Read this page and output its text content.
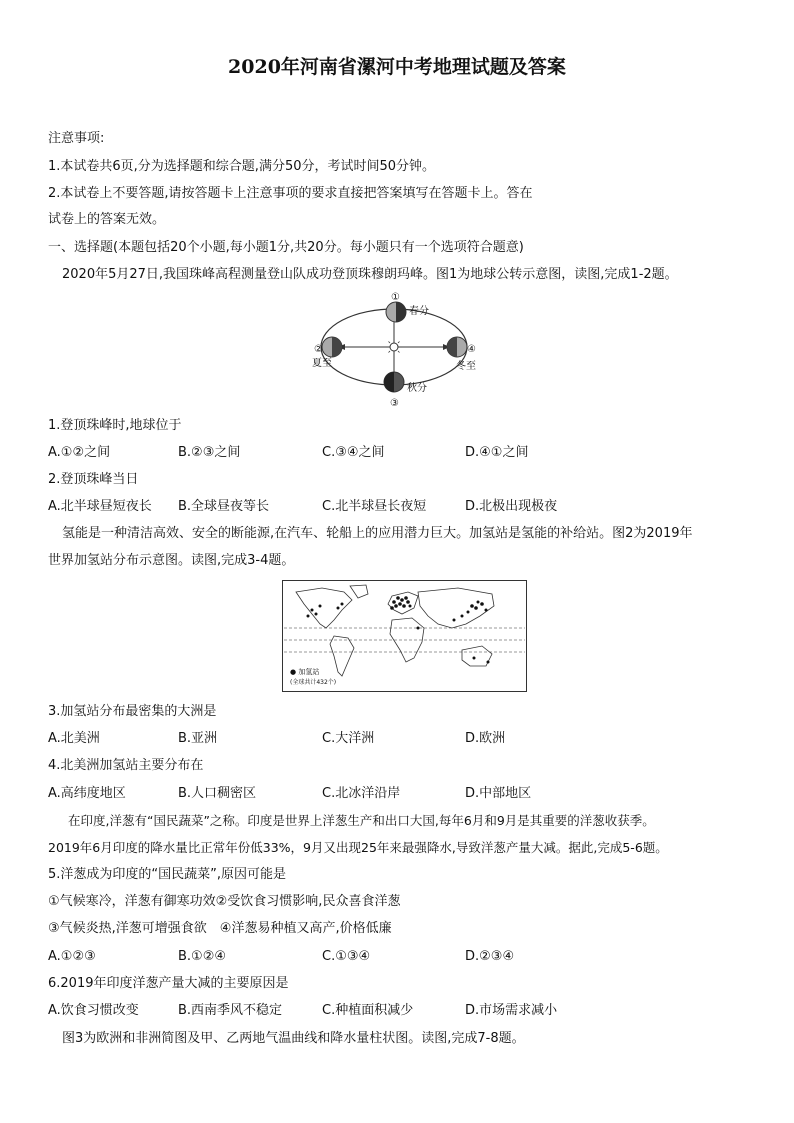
2020年河南省漯河中考地理试题及答案
注意事项:
1.本试卷共6页,分为选择题和综合题,满分50分，考试时间50分钟。
2.本试卷上不要答题,请按答题卡上注意事项的要求直接把答案填写在答题卡上。答在
试卷上的答案无效。
一、选择题(本题包括20个小题,每小题1分,共20分。每小题只有一个选项符合题意)
2020年5月27日,我国珠峰高程测量登山队成功登顶珠穆朗玛峰。图1为地球公转示意图，读图,完成1-2题。
春分
夏至
秋分
冬至
①
②
③
④
1.登顶珠峰时,地球位于
A.①②之间	B.②③之间	C.③④之间	D.④①之间
2.登顶珠峰当日
A.北半球昼短夜长 B.全球昼夜等长	C.北半球昼长夜短	D.北极出现极夜
氢能是一种清洁高效、安全的断能源,在汽车、轮船上的应用潜力巨大。加氢站是氢能的补给站。图2为2019年
世界加氢站分布示意图。读图,完成3-4题。
● 加氢站
(全球共计432个)
3.加氢站分布最密集的大洲是
A.北美洲	B.亚洲	C.大洋洲	D.欧洲
4.北美洲加氢站主要分布在
A.高纬度地区	B.人口稠密区	C.北冰洋沿岸	D.中部地区
在印度,洋葱有“国民蔬菜”之称。印度是世界上洋葱生产和出口大国,每年6月和9月是其重要的洋葱收获季。
2019年6月印度的降水量比正常年份低33%，9月又出现25年来最强降水,导致洋葱产量大减。据此,完成5-6题。
5.洋葱成为印度的“国民蔬菜”,原因可能是
①气候寒冷，洋葱有御寒功效②受饮食习惯影响,民众喜食洋葱
③气候炎热,洋葱可增强食欲　④洋葱易种植又高产,价格低廉
A.①②③	B.①②④	C.①③④	D.②③④
6.2019年印度洋葱产量大减的主要原因是
A.饮食习惯改变	B.西南季风不稳定	C.种植面积减少	D.市场需求减小
图3为欧洲和非洲简图及甲、乙两地气温曲线和降水量柱状图。读图,完成7-8题。
